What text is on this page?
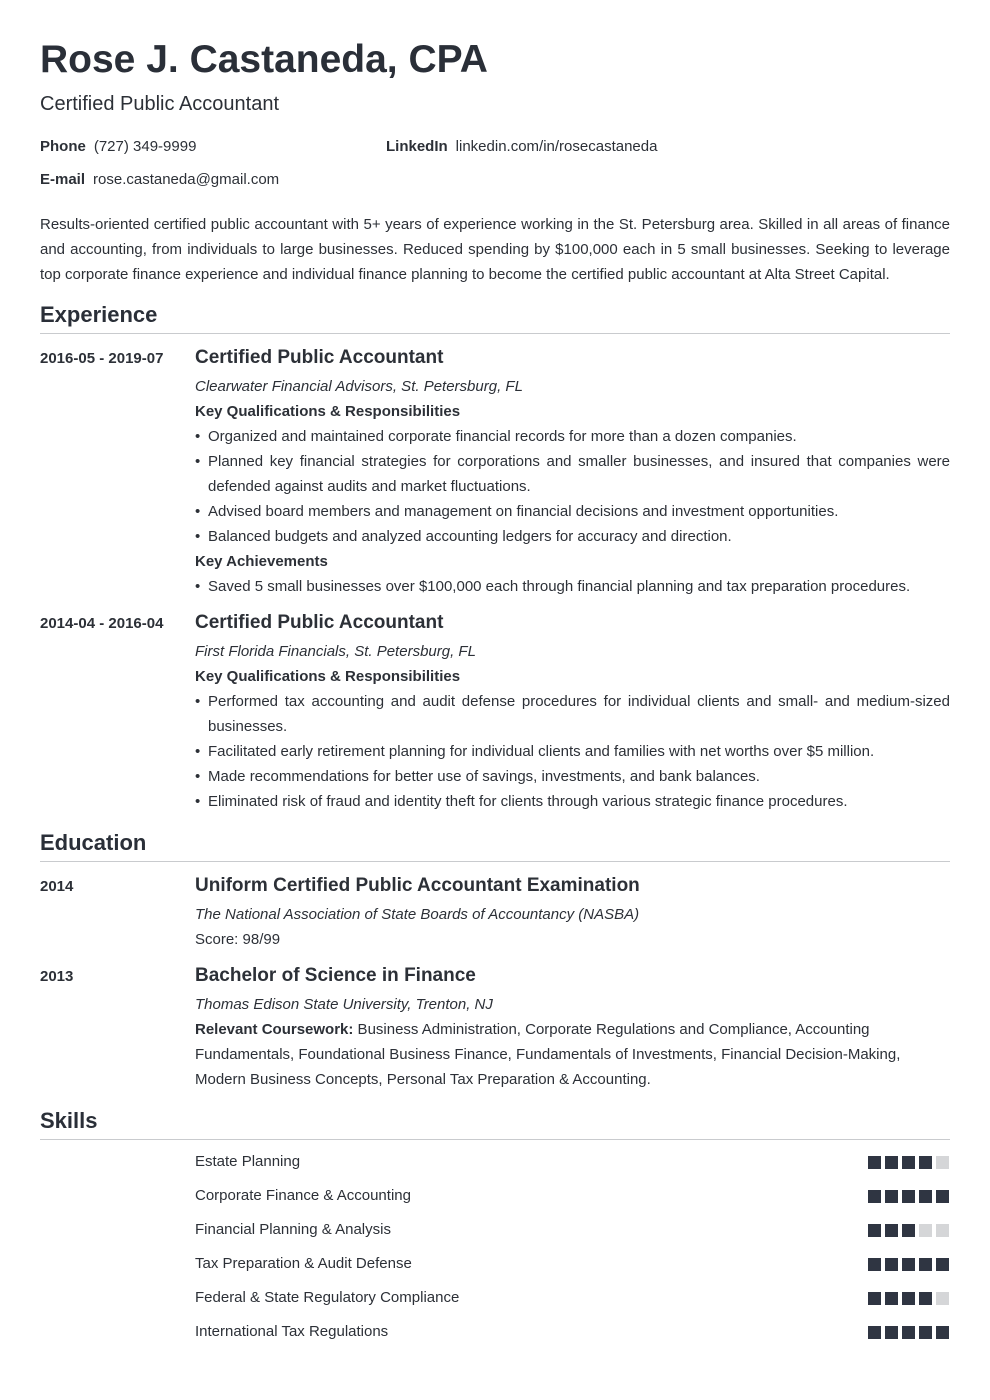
Rose J. Castaneda, CPA
Certified Public Accountant
Phone (727) 349-9999	LinkedIn linkedin.com/in/rosecastaneda
E-mail rose.castaneda@gmail.com
Results-oriented certified public accountant with 5+ years of experience working in the St. Petersburg area. Skilled in all areas of finance and accounting, from individuals to large businesses. Reduced spending by $100,000 each in 5 small businesses. Seeking to leverage top corporate finance experience and individual finance planning to become the certified public accountant at Alta Street Capital.
Experience
2016-05 - 2019-07 Certified Public Accountant
Clearwater Financial Advisors, St. Petersburg, FL
Key Qualifications & Responsibilities
• Organized and maintained corporate financial records for more than a dozen companies.
• Planned key financial strategies for corporations and smaller businesses, and insured that companies were defended against audits and market fluctuations.
• Advised board members and management on financial decisions and investment opportunities.
• Balanced budgets and analyzed accounting ledgers for accuracy and direction.
Key Achievements
• Saved 5 small businesses over $100,000 each through financial planning and tax preparation procedures.
2014-04 - 2016-04 Certified Public Accountant
First Florida Financials, St. Petersburg, FL
Key Qualifications & Responsibilities
• Performed tax accounting and audit defense procedures for individual clients and small- and medium-sized businesses.
• Facilitated early retirement planning for individual clients and families with net worths over $5 million.
• Made recommendations for better use of savings, investments, and bank balances.
• Eliminated risk of fraud and identity theft for clients through various strategic finance procedures.
Education
2014	Uniform Certified Public Accountant Examination
The National Association of State Boards of Accountancy (NASBA)
Score: 98/99
2013	Bachelor of Science in Finance
Thomas Edison State University, Trenton, NJ
Relevant Coursework: Business Administration, Corporate Regulations and Compliance, Accounting Fundamentals, Foundational Business Finance, Fundamentals of Investments, Financial Decision-Making, Modern Business Concepts, Personal Tax Preparation & Accounting.
Skills
Estate Planning
Corporate Finance & Accounting
Financial Planning & Analysis
Tax Preparation & Audit Defense
Federal & State Regulatory Compliance
International Tax Regulations
